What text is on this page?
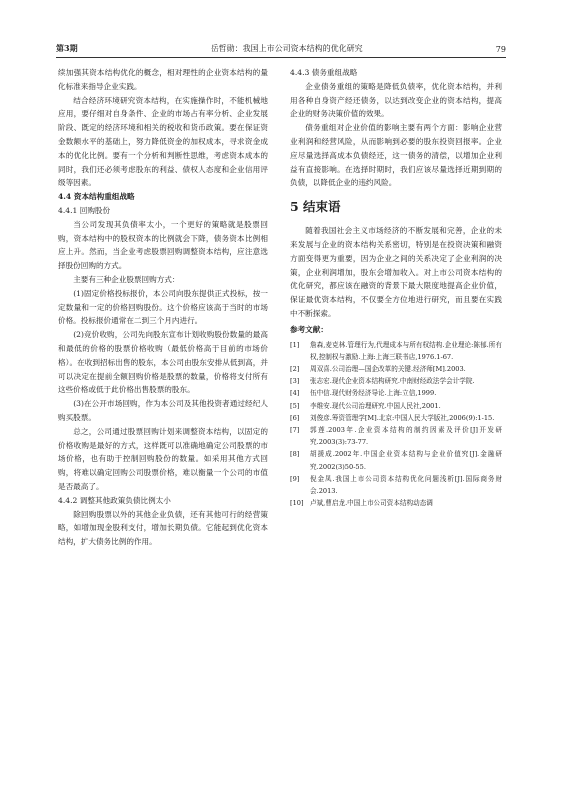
第3期	岳哲勋：我国上市公司资本结构的优化研究	79

续加强其资本结构优化的概念，相对理性的企业资本结构的量化标准来指导企业实践。

结合经济环境研究资本结构，在实施操作时，不能机械地应用，要仔细对自身条件、企业的市场占有率分析、企业发展阶段、既定的经济环境和相关的税收和货币政策。要在保证资金数额水平的基础上，努力降低资金的加权成本，寻求资金成本的优化比例。要有一个分析和判断性思维，考虑资本成本的同时，我们还必须考虑股东的利益、债权人态度和企业信用评级等因素。

4.4 资本结构重组战略
4.4.1 回购股份

当公司发现其负债率太小，一个更好的策略就是股票回购，资本结构中的股权资本的比例就会下降，债务资本比例相应上升。然而，当企业考虑股票回购调整资本结构，应注意选择股份回购的方式。

主要有三种企业股票回购方式：

(1)固定价格投标报价，本公司向股东提供正式投标，按一定数量和一定的价格回购股份。这个价格应该高于当时的市场价格。投标报价通常在二到三个月内进行。

(2)竞价收购，公司先向股东宣布计划收购股份数量的最高和最低的价格的股票价格收购（最低价格高于目前的市场价格）。在收到招标出售的股东，本公司由股东安排从低到高，并可以决定在提前全额回购价格是股票的数量，价格将支付所有这些价格或低于此价格出售股票的股东。

(3)在公开市场回购，作为本公司及其他投资者通过经纪人购买股票。

总之，公司通过股票回购计划来调整资本结构，以固定的价格收购是最好的方式，这样既可以准确地确定公司股票的市场价格，也有助于控制回购股份的数量。如采用其他方式回购，将难以确定回购公司股票价格，难以衡量一个公司的市值是否最高了。

4.4.2 调整其他政策负债比例太小

除回购股票以外的其他企业负债，还有其他可行的经营策略，如增加现金股利支付，增加长期负债。它能起到优化资本结构，扩大债务比例的作用。

4.4.3 债务重组战略

企业债务重组的策略是降低负债率，优化资本结构，并利用各种自身资产经还债务，以达到改变企业的资本结构，提高企业的财务决策价值的效果。

债务重组对企业价值的影响主要有两个方面：影响企业营业利润和经营风险，从而影响到必要的股东投资回报率。企业应尽量选择高成本负债经还，这一债务的清偿，以增加企业利益有直接影响。在选择时期时，我们应该尽量选择近期到期的负债，以降低企业的违约风险。

5 结束语

随着我国社会主义市场经济的不断发展和完善，企业的未来发展与企业的资本结构关系密切，特别是在投资决策和融资方面变得更为重要，因为企业之间的关系决定了企业利润的决策，企业利润增加，股东会增加收入。对上市公司资本结构的优化研究，都应该在融资的背景下最大限度地提高企业价值，保证最优资本结构，不仅要全方位地进行研究，而且要在实践中不断探索。

参考文献：
[1]	詹森,麦克林.管理行为,代理成本与所有权结构.企业理论:陈郁.所有权,控制权与激励.上海:上海三联书店,1976.1-67.
[2]	周双喜.公司治理—国企改革的关键.经济师[M].2003.
[3]	张志宏.现代企业资本结构研究.中南财经政法学会计学院.
[4]	伍中信.现代财务经济导论.上海:立信,1999.
[5]	李维安.现代公司治理研究.中国人民社,2001.
[6]	刘俊彦.筹资管理学[M].北京:中国人民大学版社,2006(9):1-15.
[7]	郭莲.2003年.企业资本结构的制约因素及评价[J]开发研究.2003(3):73-77.
[8]	胡援成.2002年.中国企业资本结构与企业价值究[J].金融研究.2002(3)50-55.
[9]	倪金凤.我国上市公司资本结构优化问题浅析[J].国际商务财会.2013.
[10] 卢斌,曹启龙.中国上市公司资本结构动态调
